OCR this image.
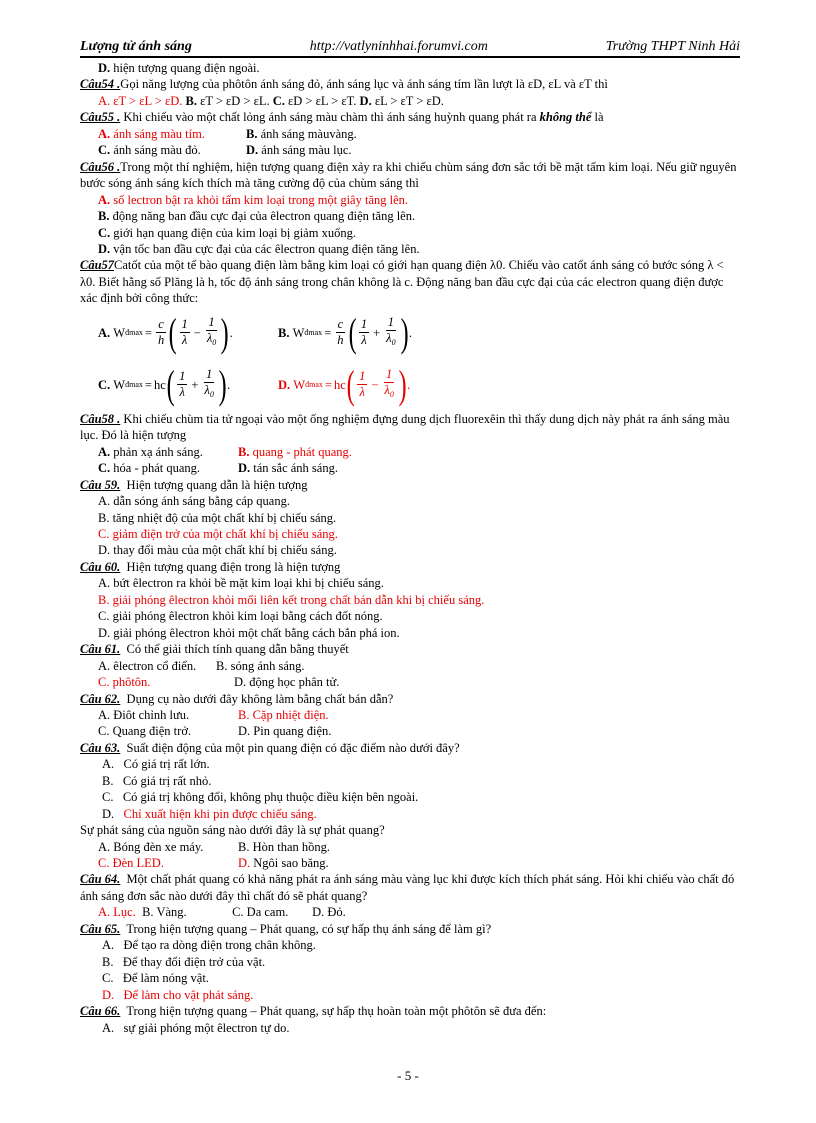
Lượng tử ánh sáng	http://vatlyninhhai.forumvi.com	Trường THPT Ninh Hải
D. hiện tượng quang điện ngoài.
Câu54 .Gọi năng lượng của phôtôn ánh sáng đỏ, ánh sáng lục và ánh sáng tím lần lượt là εD, εL và εT thì
A. εT > εL > εD. B. εT > εD > εL. C. εD > εL > εT. D. εL > εT > εD.
Câu55 . Khi chiếu vào một chất lỏng ánh sáng màu chàm thì ánh sáng huỳnh quang phát ra không thể là
A. ánh sáng màu tím.	B. ánh sáng màuvàng.
C. ánh sáng màu đỏ.	D. ánh sáng màu lục.
Câu56 .Trong một thí nghiệm, hiện tượng quang điện xảy ra khi chiếu chùm sáng đơn sắc tới bề mặt tấm kim loại. Nếu giữ nguyên bước sóng ánh sáng kích thích mà tăng cường độ của chùm sáng thì
A. số lectron bật ra khỏi tấm kim loại trong một giây tăng lên.
B. động năng ban đầu cực đại của êlectron quang điện tăng lên.
C. giới hạn quang điện của kim loại bị giảm xuống.
D. vận tốc ban đầu cực đại của các êlectron quang điện tăng lên.
Câu57Catốt của một tế bào quang điện làm bằng kim loại có giới hạn quang điện λ0. Chiếu vào catốt ánh sáng có bước sóng λ < λ0. Biết hằng số Plăng là h, tốc độ ánh sáng trong chân không là c. Động năng ban đầu cực đại của các electron quang điện được xác định bởi công thức:
A.
W đmax = $\frac{c}{h}$ ( $\frac{1}{\lambda} - \frac{1}{\lambda_0}$ ) .	B.
W đmax = $\frac{c}{h}$ ( $\frac{1}{\lambda} + \frac{1}{\lambda_0}$ ) .
C.
W đmax = hc ( $\frac{1}{\lambda} + \frac{1}{\lambda_0}$ ) .	D.
W đmax = hc ( $\frac{1}{\lambda} - \frac{1}{\lambda_0}$ ) .
Câu58 . Khi chiếu chùm tia tử ngoại vào một ống nghiệm đựng dung dịch fluorexêin thì thấy dung dịch này phát ra ánh sáng màu lục. Đó là hiện tượng
A. phản xạ ánh sáng.	B. quang - phát quang.
C. hóa - phát quang.	D. tán sắc ánh sáng.
Câu 59. Hiện tượng quang dẫn là hiện tượng
A. dẫn sóng ánh sáng bằng cáp quang.
B. tăng nhiệt độ của một chất khí bị chiếu sáng.
C. giảm điện trở của một chất khí bị chiếu sáng.
D. thay đổi màu của một chất khí bị chiếu sáng.
Câu 60. Hiện tượng quang điện trong là hiện tượng
A. bứt êlectron ra khỏi bề mặt kim loại khi bị chiếu sáng.
B. giải phóng êlectron khỏi mối liên kết trong chất bán dẫn khi bị chiếu sáng.
C. giải phóng êlectron khỏi kim loại bằng cách đốt nóng.
D. giải phóng êlectron khỏi một chất bằng cách bắn phá ion.
Câu 61. Có thể giải thích tính quang dẫn bằng thuyết
A. êlectron cổ điển. B. sóng ánh sáng.
C. phôtôn.	D. động học phân tử.
Câu 62. Dụng cụ nào dưới đây không làm bằng chất bán dẫn?
A. Điôt chỉnh lưu.	B. Cặp nhiệt điện.
C. Quang điện trở.	D. Pin quang điện.
Câu 63. Suất điện động của một pin quang điện có đặc điểm nào dưới đây?
A. Có giá trị rất lớn.
B. Có giá trị rất nhỏ.
C. Có giá trị không đổi, không phụ thuộc điều kiện bên ngoài.
D. Chỉ xuất hiện khi pin được chiếu sáng.
Sự phát sáng của nguồn sáng nào dưới đây là sự phát quang?
A. Bóng đèn xe máy.	B. Hòn than hồng.
C. Đèn LED.	D. Ngôi sao băng.
Câu 64. Một chất phát quang có khả năng phát ra ánh sáng màu vàng lục khi được kích thích phát sáng. Hỏi khi chiếu vào chất đó ánh sáng đơn sắc nào dưới đây thì chất đó sẽ phát quang?
A. Lục. B. Vàng.	C. Da cam. D. Đỏ.
Câu 65. Trong hiện tượng quang – Phát quang, có sự hấp thụ ánh sáng để làm gì?
A. Để tạo ra dòng điện trong chân không.
B. Để thay đổi điện trở của vật.
C. Để làm nóng vật.
D. Để làm cho vật phát sáng.
Câu 66. Trong hiện tượng quang – Phát quang, sự hấp thụ hoàn toàn một phôtôn sẽ đưa đến:
A. sự giải phóng một êlectron tự do.
- 5 -
